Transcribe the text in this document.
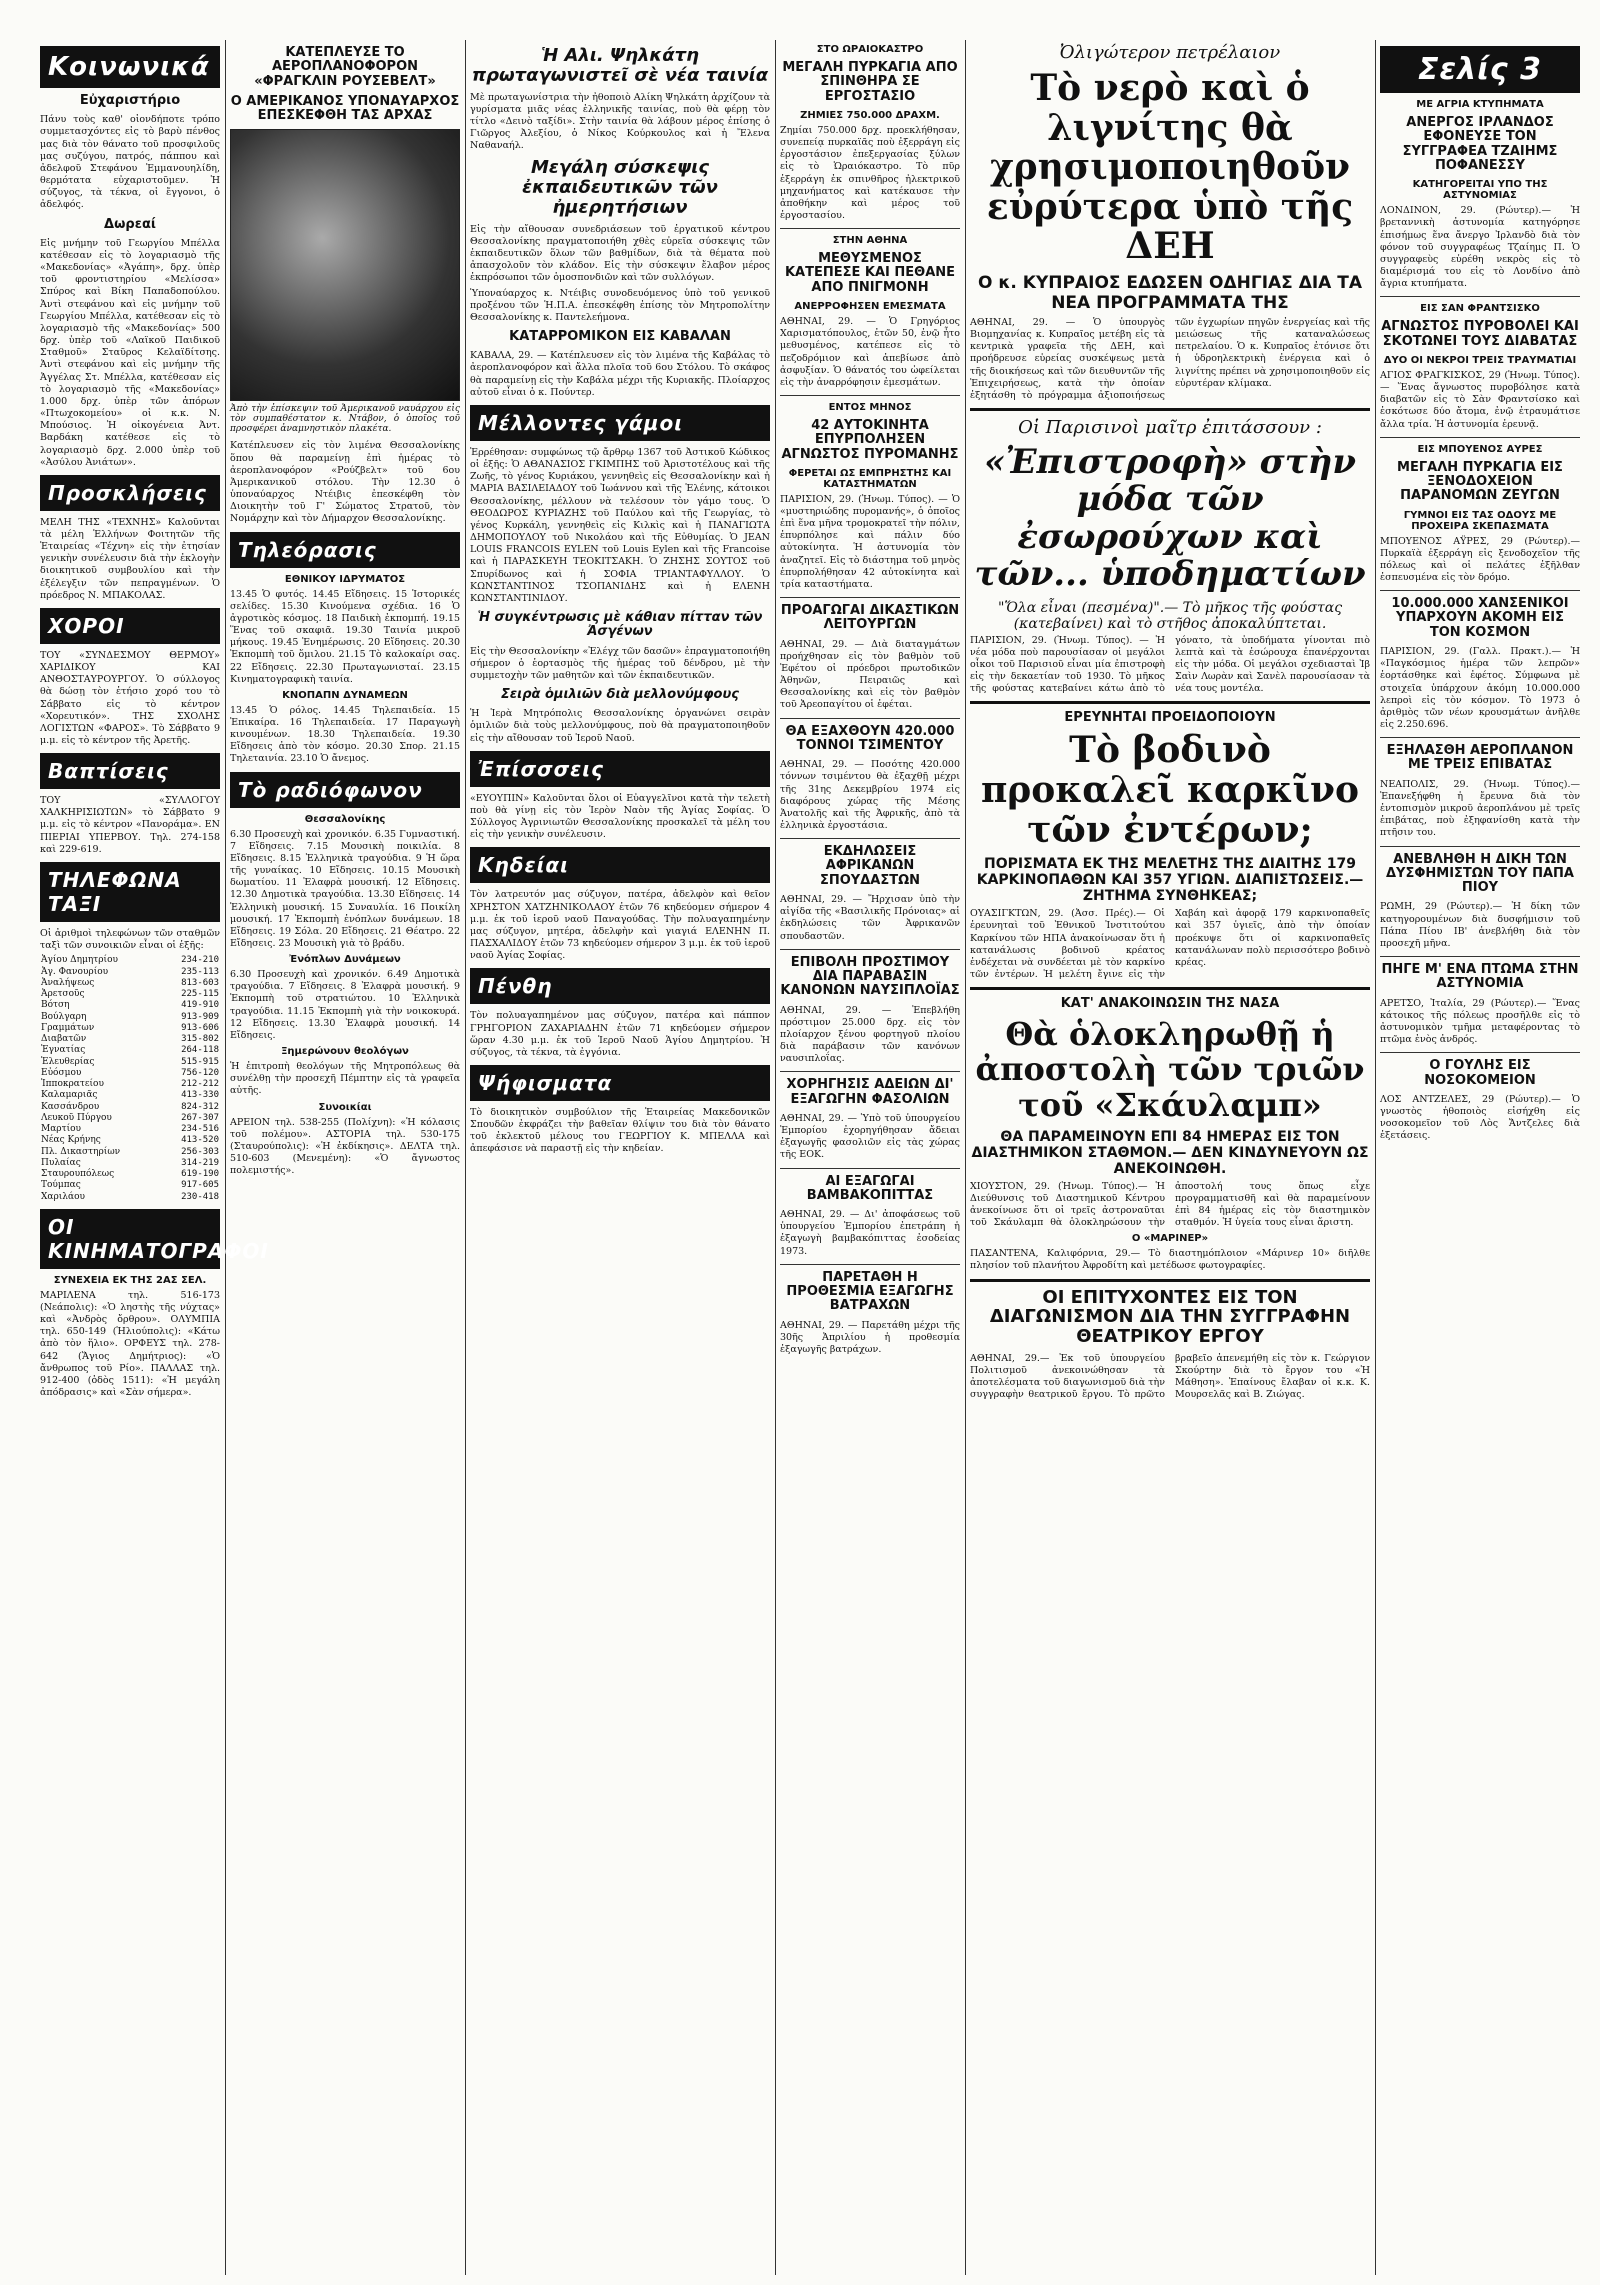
Κοινωνικά
Εὐχαριστήριο
Πάνυ τοὺς καθ' οἱονδήποτε τρόπο συμμετασχόντες εἰς τὸ βαρὺ πένθος μας διὰ τὸν θάνατο τοῦ προσφιλοῦς μας συζύγου, πατρός, πάππου καὶ ἀδελφοῦ Στεφάνου Ἐμμανουηλίδη, θερμότατα εὐχαριστοῦμεν. Ἡ σύζυγος, τὰ τέκνα, οἱ ἔγγονοι, ὁ ἀδελφός.
Δωρεαί
Εἰς μνήμην τοῦ Γεωργίου Μπέλλα κατέθεσαν εἰς τὸ λογαριασμὸ τῆς «Μακεδονίας» «Ἀγάπη», δρχ. ὑπὲρ τοῦ φροντιστηρίου «Μελίσσα» Σπύρος καὶ Βίκη Παπαδοπούλου. Ἀντὶ στεφάνου καὶ εἰς μνήμην τοῦ Γεωργίου Μπέλλα, κατέθεσαν εἰς τὸ λογαριασμὸ τῆς «Μακεδονίας» 500 δρχ. ὑπὲρ τοῦ «Λαϊκοῦ Παιδικοῦ Σταθμοῦ» Σταῦρος Κελαϊδίτσης. Ἀντὶ στεφάνου καὶ εἰς μνήμην τῆς Ἀγγέλας Στ. Μπέλλα, κατέθεσαν εἰς τὸ λογαριασμὸ τῆς «Μακεδονίας» 1.000 δρχ. ὑπὲρ τῶν ἀπόρων «Πτωχοκομείου» οἱ κ.κ. Ν. Μπούσιος. Ἡ οἰκογένεια Ἀντ. Βαρδάκη κατέθεσε εἰς τὸ λογαριασμὸ δρχ. 2.000 ὑπὲρ τοῦ «Ἀσύλου Ἀνιάτων».
Προσκλήσεις
ΜΕΛΗ ΤΗΣ «ΤΕΧΝΗΣ» Καλοῦνται τὰ μέλη Ἑλλήνων Φοιτητῶν τῆς Ἑταιρείας «Τέχνη» εἰς τὴν ἐτησίαν γενικὴν συνέλευσιν διὰ τὴν ἐκλογὴν διοικητικοῦ συμβουλίου καὶ τὴν ἐξέλεγξιν τῶν πεπραγμένων. Ὁ πρόεδρος Ν. ΜΠΑΚΟΛΑΣ.
ΧΟΡΟΙ
ΤΟΥ «ΣΥΝΔΕΣΜΟΥ ΘΕΡΜΟΥ» ΧΑΡΙΔΙΚΟΥ ΚΑΙ ΑΝΘΟΣΤΑΥΡΟΥΡΓΟΥ. Ὁ σύλλογος θὰ δώσῃ τὸν ἐτήσιο χορό του τὸ Σάββατο εἰς τὸ κέντρον «Χορευτικόν». ΤΗΣ ΣΧΟΛΗΣ ΛΟΓΙΣΤΩΝ «ΦΑΡΟΣ». Τὸ Σάββατο 9 μ.μ. εἰς τὸ κέντρον τῆς Ἀρετῆς.
Βαπτίσεις
ΤΟΥ «ΣΥΛΛΟΓΟΥ ΧΑΛΚΗΡΙΣΙΩΤΩΝ» τὸ Σάββατο 9 μ.μ. εἰς τὸ κέντρον «Πανοράμα». ΕΝ ΠΙΕΡΙΑΙ ΥΠΕΡΒΟΥ. Τηλ. 274-158 καὶ 229-619.
ΤΗΛΕΦΩΝΑ ΤΑΞΙ
Οἱ ἀριθμοὶ τηλεφώνων τῶν σταθμῶν ταξὶ τῶν συνοικιῶν εἶναι οἱ ἑξῆς:
Ἁγίου Δημητρίου	234-210
Ἀγ. Φανουρίου	235-113
Ἀναλήψεως	813-603
Ἀρετσοῦς	225-115
Βότση	419-910
Βούλγαρη	913-909
Γραμμάτων	913-606
Διαβατῶν	315-802
Ἐγνατίας	264-118
Ἑλευθερίας	515-915
Εὐόσμου	756-120
Ἱπποκρατείου	212-212
Καλαμαριᾶς	413-330
Κασσάνδρου	824-312
Λευκοῦ Πύργου	267-307
Μαρτίου	234-516
Νέας Κρήνης	413-520
Πλ. Δικαστηρίων	256-303
Πυλαίας	314-219
Σταυρουπόλεως	619-190
Τούμπας	917-605
Χαριλάου	230-418
ΟΙ ΚΙΝΗΜΑΤΟΓΡΑΦΟΙ
ΣΥΝΕΧΕΙΑ ΕΚ ΤΗΣ 2ΑΣ ΣΕΛ.
ΜΑΡΙΛΕΝΑ τηλ. 516-173 (Νεάπολις): «Ὁ ληστὴς τῆς νύχτας» καὶ «Ἀνδρὸς ὄρθρου». ΟΛΥΜΠΙΑ τηλ. 650-149 (Ἡλιούπολις): «Κάτω ἀπὸ τὸν ἥλιο». ΟΡΦΕΥΣ τηλ. 278-642 (Ἅγιος Δημήτριος): «Ὁ ἄνθρωπος τοῦ Ρίο». ΠΑΛΛΑΣ τηλ. 912-400 (ὁδὸς 1511): «Ἡ μεγάλη ἀπόδρασις» καὶ «Σὰν σήμερα».
ΚΑΤΕΠΛΕΥΣΕ ΤΟ ΑΕΡΟΠΛΑΝΟΦΟΡΟΝ «ΦΡΑΓΚΛΙΝ ΡΟΥΣΕΒΕΛΤ»
Ο ΑΜΕΡΙΚΑΝΟΣ ΥΠΟΝΑΥΑΡΧΟΣ ΕΠΕΣΚΕΦΘΗ ΤΑΣ ΑΡΧΑΣ
Ἀπὸ τὴν ἐπίσκεψιν τοῦ Ἀμερικανοῦ ναυάρχου εἰς τὸν συμπαθέστατον κ. Ντάβον, ὁ ὁποῖος τοῦ προσφέρει ἀναμνηστικὸν πλακέτα.
Κατέπλευσεν εἰς τὸν λιμένα Θεσσαλονίκης ὅπου θὰ παραμείνῃ ἐπὶ ἡμέρας τὸ ἀεροπλανοφόρον «Ρούζβελτ» τοῦ 6ου Ἀμερικανικοῦ στόλου. Τὴν 12.30 ὁ ὑποναύαρχος Ντέιβις ἐπεσκέφθη τὸν Διοικητὴν τοῦ Γ' Σώματος Στρατοῦ, τὸν Νομάρχην καὶ τὸν Δήμαρχον Θεσσαλονίκης.
Τηλεόρασις
ΕΘΝΙΚΟΥ ΙΔΡΥΜΑΤΟΣ
13.45 Ὁ φυτός. 14.45 Εἴδησεις. 15 Ἱστορικές σελίδες. 15.30 Κινούμενα σχέδια. 16 Ὁ ἀγροτικὸς κόσμος. 18 Παιδικὴ ἐκπομπή. 19.15 Ἕνας τοῦ σκαφιᾶ. 19.30 Ταινία μικροῦ μήκους. 19.45 Ἐνημέρωσις. 20 Εἴδησεις. 20.30 Ἐκπομπὴ τοῦ ὅμιλου. 21.15 Τὸ καλοκαίρι σας. 22 Εἴδησεις. 22.30 Πρωταγωνισταί. 23.15 Κινηματογραφικὴ ταινία.
ΚΝΟΠΑΠΝ ΔΥΝΑΜΕΩΝ
13.45 Ὁ ρόλος. 14.45 Τηλεπαιδεία. 15 Ἐπικαίρα. 16 Τηλεπαιδεία. 17 Παραγωγὴ κινουμένων. 18.30 Τηλεπαιδεία. 19.30 Εἴδησεις ἀπὸ τὸν κόσμο. 20.30 Σπορ. 21.15 Τηλεταινία. 23.10 Ὁ ἄνεμος.
Τὸ ραδιόφωνον
Θεσσαλονίκης
6.30 Προσευχὴ καὶ χρονικόν. 6.35 Γυμναστική. 7 Εἴδησεις. 7.15 Μουσικὴ ποικιλία. 8 Εἴδησεις. 8.15 Ἑλληνικὰ τραγούδια. 9 Ἡ ὥρα τῆς γυναίκας. 10 Εἴδησεις. 10.15 Μουσικὴ δωματίου. 11 Ἐλαφρὰ μουσική. 12 Εἴδησεις. 12.30 Δημοτικὰ τραγούδια. 13.30 Εἴδησεις. 14 Ἑλληνικὴ μουσική. 15 Συναυλία. 16 Ποικίλη μουσική. 17 Ἐκπομπὴ ἐνόπλων δυνάμεων. 18 Εἴδησεις. 19 Σόλα. 20 Εἴδησεις. 21 Θέατρο. 22 Εἴδησεις. 23 Μουσικὴ γιὰ τὸ βράδυ.
Ἐνόπλων Δυνάμεων
6.30 Προσευχὴ καὶ χρονικόν. 6.49 Δημοτικὰ τραγούδια. 7 Εἴδησεις. 8 Ἐλαφρὰ μουσική. 9 Ἐκπομπὴ τοῦ στρατιώτου. 10 Ἑλληνικὰ τραγούδια. 11.15 Ἐκπομπὴ γιὰ τὴν νοικοκυρά. 12 Εἴδησεις. 13.30 Ἐλαφρὰ μουσική. 14 Εἴδησεις.
Ξημερώνουν θεολόγων
Ἡ ἐπιτροπὴ θεολόγων τῆς Μητροπόλεως θὰ συνέλθῃ τὴν προσεχῆ Πέμπτην εἰς τὰ γραφεῖα αὐτῆς.
Συνοικίαι
ΑΡΕΙΟΝ τηλ. 538-255 (Πολίχνη): «Ἡ κόλασις τοῦ πολέμου». ΑΣΤΟΡΙΑ τηλ. 530-175 (Σταυρούπολις): «Ἡ ἐκδίκησις». ΔΕΛΤΑ τηλ. 510-603 (Μενεμένη): «Ὁ ἄγνωστος πολεμιστής».
Ἡ Αλι. Ψηλκάτη πρωταγωνιστεῖ σὲ νέα ταινία
Μὲ πρωταγωνίστρια τὴν ἠθοποιὸ Αλίκη Ψηλκάτη ἀρχίζουν τὰ γυρίσματα μιᾶς νέας ἑλληνικῆς ταινίας, ποὺ θὰ φέρῃ τὸν τίτλο «Δεινὸ ταξίδι». Στὴν ταινία θὰ λάβουν μέρος ἐπίσης ὁ Γιῶργος Ἀλεξίου, ὁ Νίκος Κούρκουλος καὶ ἡ Ἔλενα Ναθαναήλ.
Μεγάλη σύσκεψις ἐκπαιδευτικῶν τῶν ἠμερητήσιων
Εἰς τὴν αἴθουσαν συνεδριάσεων τοῦ ἐργατικοῦ κέντρου Θεσσαλονίκης πραγματοποιήθη χθὲς εὐρεῖα σύσκεψις τῶν ἐκπαιδευτικῶν ὅλων τῶν βαθμίδων, διὰ τὰ θέματα ποὺ ἀπασχολοῦν τὸν κλάδον. Εἰς τὴν σύσκεψιν ἔλαβον μέρος ἐκπρόσωποι τῶν ὁμοσπονδιῶν καὶ τῶν συλλόγων.
Ὑποναύαρχος κ. Ντέιβις συνοδευόμενος ὑπὸ τοῦ γενικοῦ προξένου τῶν Ἡ.Π.Α. ἐπεσκέφθη ἐπίσης τὸν Μητροπολίτην Θεσσαλονίκης κ. Παντελεήμονα.
ΚΑΤΑΡΡΟΜΙΚΟΝ ΕΙΣ ΚΑΒΑΛΑΝ
ΚΑΒΑΛΑ, 29. — Κατέπλευσεν εἰς τὸν λιμένα τῆς Καβάλας τὸ ἀεροπλανοφόρον καὶ ἄλλα πλοῖα τοῦ 6ου Στόλου. Τὸ σκάφος θὰ παραμείνῃ εἰς τὴν Καβάλα μέχρι τῆς Κυριακῆς. Πλοίαρχος αὐτοῦ εἶναι ὁ κ. Πούντερ.
Μέλλοντες γάμοι
Ἐρρέθησαν: συμφώνως τῷ ἄρθρῳ 1367 τοῦ Ἀστικοῦ Κώδικος οἱ ἐξῆς: Ὁ ΑΘΑΝΑΣΙΟΣ ΓΚΙΜΠΗΣ τοῦ Ἀριστοτέλους καὶ τῆς Ζωῆς, τὸ γένος Κυριάκου, γεννηθεὶς εἰς Θεσσαλονίκην καὶ ἡ ΜΑΡΙΑ ΒΑΣΙΛΕΙΑΔΟΥ τοῦ Ἰωάννου καὶ τῆς Ἑλένης, κάτοικοι Θεσσαλονίκης, μέλλουν νὰ τελέσουν τὸν γάμο τους. Ὁ ΘΕΟΔΩΡΟΣ ΚΥΡΙΑΖΗΣ τοῦ Παύλου καὶ τῆς Γεωργίας, τὸ γένος Κυρκάλη, γεννηθεὶς εἰς Κιλκὶς καὶ ἡ ΠΑΝΑΓΙΩΤΑ ΔΗΜΟΠΟΥΛΟΥ τοῦ Νικολάου καὶ τῆς Εὐθυμίας. Ὁ JEAN LOUIS FRANCOIS EYLEN τοῦ Louis Eylen καὶ τῆς Francoise καὶ ἡ ΠΑΡΑΣΚΕΥΗ ΤΕΟΚΙΤΣΑΚΗ. Ὁ ΖΗΣΗΣ ΣΟΥΤΟΣ τοῦ Σπυρίδωνος καὶ ἡ ΣΟΦΙΑ ΤΡΙΑΝΤΑΦΥΛΛΟΥ. Ὁ ΚΩΝΣΤΑΝΤΙΝΟΣ ΤΣΟΠΑΝΙΔΗΣ καὶ ἡ ΕΛΕΝΗ ΚΩΝΣΤΑΝΤΙΝΙΔΟΥ.
Ἡ συγκέντρωσις μὲ κάθιαν πίτταν τῶν Ἀσγένων
Εἰς τὴν Θεσσαλονίκην «Ἐλέγχ τῶν δασῶν» ἐπραγματοποιήθη σήμερον ὁ ἑορτασμὸς τῆς ἡμέρας τοῦ δένδρου, μὲ τὴν συμμετοχὴν τῶν μαθητῶν καὶ τῶν ἐκπαιδευτικῶν.
Σειρὰ ὁμιλιῶν διὰ μελλονύμφους
Ἡ Ἱερὰ Μητρόπολις Θεσσαλονίκης ὀργανώνει σειρὰν ὁμιλιῶν διὰ τοὺς μελλονύμφους, ποὺ θὰ πραγματοποιηθοῦν εἰς τὴν αἴθουσαν τοῦ Ἱεροῦ Ναοῦ.
Ἐπίσσσεις
«ΕΥΟΥΠΙΝ» Καλοῦνται ὅλοι οἱ Εὐαγγελῖνοι κατὰ τὴν τελετὴ ποὺ θὰ γίνῃ εἰς τὸν Ἱερὸν Ναὸν τῆς Ἁγίας Σοφίας. Ὁ Σύλλογος Ἀγρινιωτῶν Θεσσαλονίκης προσκαλεῖ τὰ μέλη του εἰς τὴν γενικὴν συνέλευσιν.
Κηδείαι
Τὸν λατρευτόν μας σύζυγον, πατέρα, ἀδελφὸν καὶ θεῖον ΧΡΗΣΤΟΝ ΧΑΤΖΗΝΙΚΟΛΑΟΥ ἐτῶν 76 κηδεύομεν σήμερον 4 μ.μ. ἐκ τοῦ ἱεροῦ ναοῦ Παναγούδας. Τὴν πολυαγαπημένην μας σύζυγον, μητέρα, ἀδελφὴν καὶ γιαγιά ΕΛΕΝΗΝ Π. ΠΑΣΧΑΛΙΔΟΥ ἐτῶν 73 κηδεύομεν σήμερον 3 μ.μ. ἐκ τοῦ ἱεροῦ ναοῦ Ἁγίας Σοφίας.
Πένθη
Τὸν πολυαγαπημένον μας σύζυγον, πατέρα καὶ πάππον ΓΡΗΓΟΡΙΟΝ ΖΑΧΑΡΙΑΔΗΝ ἐτῶν 71 κηδεύομεν σήμερον ὥραν 4.30 μ.μ. ἐκ τοῦ Ἱεροῦ Ναοῦ Ἁγίου Δημητρίου. Ἡ σύζυγος, τὰ τέκνα, τὰ ἐγγόνια.
Ψήφισματα
Τὸ διοικητικὸν συμβούλιον τῆς Ἑταιρείας Μακεδονικῶν Σπουδῶν ἐκφράζει τὴν βαθεῖαν θλίψιν του διὰ τὸν θάνατο τοῦ ἐκλεκτοῦ μέλους του ΓΕΩΡΓΙΟΥ Κ. ΜΠΕΛΛΑ καὶ ἀπεφάσισε νὰ παραστῇ εἰς τὴν κηδείαν.
ΣΤΟ ΩΡΑΙΟΚΑΣΤΡΟ
ΜΕΓΑΛΗ ΠΥΡΚΑΓΙΑ ΑΠΟ ΣΠΙΝΘΗΡΑ ΣΕ ΕΡΓΟΣΤΑΣΙΟ
ΖΗΜΙΕΣ 750.000 ΔΡΑΧΜ.
Ζημίαι 750.000 δρχ. προεκλήθησαν, συνεπείᾳ πυρκαϊᾶς ποὺ ἐξερράγη εἰς ἐργοστάσιον ἐπεξεργασίας ξύλων εἰς τὸ Ὡραιόκαστρο. Τὸ πῦρ ἐξερράγη ἐκ σπινθῆρος ἠλεκτρικοῦ μηχανήματος καὶ κατέκαυσε τὴν ἀποθήκην καὶ μέρος τοῦ ἐργοστασίου.
ΣΤΗΝ ΑΘΗΝΑ
ΜΕΘΥΣΜΕΝΟΣ ΚΑΤΕΠΕΣΕ ΚΑΙ ΠΕΘΑΝΕ ΑΠΟ ΠΝΙΓΜΟΝΗ
ΑΝΕΡΡΟΦΗΣΕΝ ΕΜΕΣΜΑΤΑ
ΑΘΗΝΑΙ, 29. — Ὁ Γρηγόριος Χαρισματόπουλος, ἐτῶν 50, ἐνῷ ἦτο μεθυσμένος, κατέπεσε εἰς τὸ πεζοδρόμιον καὶ ἀπεβίωσε ἀπὸ ἀσφυξίαν. Ὁ θάνατός του ὠφείλεται εἰς τὴν ἀναρρόφησιν ἐμεσμάτων.
ΕΝΤΟΣ ΜΗΝΟΣ
42 ΑΥΤΟΚΙΝΗΤΑ ΕΠΥΡΠΟΛΗΣΕΝ ΑΓΝΩΣΤΟΣ ΠΥΡΟΜΑΝΗΣ
ΦΕΡΕΤΑΙ ΩΣ ΕΜΠΡΗΣΤΗΣ ΚΑΙ ΚΑΤΑΣΤΗΜΑΤΩΝ
ΠΑΡΙΣΙΟΝ, 29. (Ἡνωμ. Τύπος). — Ὁ «μυστηριώδης πυρομανής», ὁ ὁποῖος ἐπὶ ἕνα μῆνα τρομοκρατεῖ τὴν πόλιν, ἐπυρπόλησε καὶ πάλιν δύο αὐτοκίνητα. Ἡ ἀστυνομία τὸν ἀναζητεῖ. Εἰς τὸ διάστημα τοῦ μηνὸς ἐπυρπολήθησαν 42 αὐτοκίνητα καὶ τρία καταστήματα.
ΠΡΟΑΓΩΓΑΙ ΔΙΚΑΣΤΙΚΩΝ ΛΕΙΤΟΥΡΓΩΝ
ΑΘΗΝΑΙ, 29. — Διὰ διαταγμάτων προήχθησαν εἰς τὸν βαθμὸν τοῦ Ἐφέτου οἱ πρόεδροι πρωτοδικῶν Ἀθηνῶν, Πειραιῶς καὶ Θεσσαλονίκης καὶ εἰς τὸν βαθμὸν τοῦ Ἀρεοπαγίτου οἱ ἐφέται.
ΘΑ ΕΞΑΧΘΟΥΝ 420.000 ΤΟΝΝΟΙ ΤΣΙΜΕΝΤΟΥ
ΑΘΗΝΑΙ, 29. — Ποσότης 420.000 τόννων τσιμέντου θὰ ἐξαχθῇ μέχρι τῆς 31ης Δεκεμβρίου 1974 εἰς διαφόρους χώρας τῆς Μέσης Ἀνατολῆς καὶ τῆς Ἀφρικῆς, ἀπὸ τὰ ἑλληνικὰ ἐργοστάσια.
ΕΚΔΗΛΩΣΕΙΣ ΑΦΡΙΚΑΝΩΝ ΣΠΟΥΔΑΣΤΩΝ
ΑΘΗΝΑΙ, 29. — Ἤρχισαν ὑπὸ τὴν αἰγίδα τῆς «Βασιλικῆς Πρόνοιας» αἱ ἐκδηλώσεις τῶν Ἀφρικανῶν σπουδαστῶν.
ΕΠΙΒΟΛΗ ΠΡΟΣΤΙΜΟΥ ΔΙΑ ΠΑΡΑΒΑΣΙΝ ΚΑΝΟΝΩΝ ΝΑΥΣΙΠΛΟΪΑΣ
ΑΘΗΝΑΙ, 29. — Ἐπεβλήθη πρόστιμον 25.000 δρχ. εἰς τὸν πλοίαρχον ξένου φορτηγοῦ πλοίου διὰ παράβασιν τῶν κανόνων ναυσιπλοΐας.
ΧΟΡΗΓΗΣΙΣ ΑΔΕΙΩΝ ΔΙ' ΕΞΑΓΩΓΗΝ ΦΑΣΟΛΙΩΝ
ΑΘΗΝΑΙ, 29. — Ὑπὸ τοῦ ὑπουργείου Ἐμπορίου ἐχορηγήθησαν ἄδειαι ἐξαγωγῆς φασολιῶν εἰς τὰς χώρας τῆς ΕΟΚ.
ΑΙ ΕΞΑΓΩΓΑΙ ΒΑΜΒΑΚΟΠΙΤΤΑΣ
ΑΘΗΝΑΙ, 29. — Δι' ἀποφάσεως τοῦ ὑπουργείου Ἐμπορίου ἐπετράπη ἡ ἐξαγωγὴ βαμβακόπιττας ἐσοδείας 1973.
ΠΑΡΕΤΑΘΗ Η ΠΡΟΘΕΣΜΙΑ ΕΞΑΓΩΓΗΣ ΒΑΤΡΑΧΩΝ
ΑΘΗΝΑΙ, 29. — Παρετάθη μέχρι τῆς 30ῆς Ἀπριλίου ἡ προθεσμία ἐξαγωγῆς βατράχων.
Ὀλιγώτερον πετρέλαιον
Τὸ νερὸ καὶ ὁ λιγνίτης θὰ χρησιμοποιηθοῦν εὐρύτερα ὑπὸ τῆς ΔΕΗ
Ο κ. ΚΥΠΡΑΙΟΣ ΕΔΩΣΕΝ ΟΔΗΓΙΑΣ ΔΙΑ ΤΑ ΝΕΑ ΠΡΟΓΡΑΜΜΑΤΑ ΤΗΣ
ΑΘΗΝΑΙ, 29. — Ὁ ὑπουργὸς Βιομηχανίας κ. Κυπραῖος μετέβη εἰς τὰ κεντρικὰ γραφεῖα τῆς ΔΕΗ, καὶ προήδρευσε εὑρείας συσκέψεως μετὰ τῆς διοικήσεως καὶ τῶν διευθυντῶν τῆς Ἐπιχειρήσεως, κατὰ τὴν ὁποίαν ἐξητάσθη τὸ πρόγραμμα ἀξιοποιήσεως τῶν ἐγχωρίων πηγῶν ἐνεργείας καὶ τῆς μειώσεως τῆς καταναλώσεως πετρελαίου. Ὁ κ. Κυπραῖος ἐτόνισε ὅτι ἡ ὑδροηλεκτρικὴ ἐνέργεια καὶ ὁ λιγνίτης πρέπει νὰ χρησιμοποιηθοῦν εἰς εὐρυτέραν κλίμακα.
Οἱ Παρισινοὶ μαῖτρ ἐπιτάσσουν :
«Ἐπιστροφὴ» στὴν μόδα τῶν ἐσωρούχων καὶ τῶν... ὑποδηματίων
"Ὅλα εἶναι (πεσμένα)".— Τὸ μῆκος τῆς φούστας (κατεβαίνει) καὶ τὸ στῆθος ἀποκαλύπτεται.
ΠΑΡΙΣΙΟΝ, 29. (Ἡνωμ. Τύπος). — Ἡ νέα μόδα ποὺ παρουσίασαν οἱ μεγάλοι οἶκοι τοῦ Παρισιοῦ εἶναι μία ἐπιστροφὴ εἰς τὴν δεκαετίαν τοῦ 1930. Τὸ μῆκος τῆς φούστας κατεβαίνει κάτω ἀπὸ τὸ γόνατο, τὰ ὑποδήματα γίνονται πιὸ λεπτὰ καὶ τὰ ἐσώρουχα ἐπανέρχονται εἰς τὴν μόδα. Οἱ μεγάλοι σχεδιασταὶ Ἰβ Σαὶν Λωρὰν καὶ Σανὲλ παρουσίασαν τὰ νέα τους μοντέλα.
ΕΡΕΥΝΗΤΑΙ ΠΡΟΕΙΔΟΠΟΙΟΥΝ
Τὸ βοδινὸ προκαλεῖ καρκῖνο τῶν ἐντέρων;
ΠΟΡΙΣΜΑΤΑ ΕΚ ΤΗΣ ΜΕΛΕΤΗΣ ΤΗΣ ΔΙΑΙΤΗΣ 179 ΚΑΡΚΙΝΟΠΑΘΩΝ ΚΑΙ 357 ΥΓΙΩΝ. ΔΙΑΠΙΣΤΩΣΕΙΣ.— ΖΗΤΗΜΑ ΣΥΝΘΗΚΕΑΣ;
ΟΥΑΣΙΓΚΤΩΝ, 29. (Ἀσσ. Πρές).— Οἱ ἐρευνηταὶ τοῦ Ἐθνικοῦ Ἰνστιτούτου Καρκίνου τῶν ΗΠΑ ἀνακοίνωσαν ὅτι ἡ κατανάλωσις βοδινοῦ κρέατος ἐνδέχεται νὰ συνδέεται μὲ τὸν καρκίνο τῶν ἐντέρων. Ἡ μελέτη ἔγινε εἰς τὴν Χαβάη καὶ ἀφορᾷ 179 καρκινοπαθεῖς καὶ 357 ὑγιεῖς, ἀπὸ τὴν ὁποίαν προέκυψε ὅτι οἱ καρκινοπαθεῖς κατανάλωναν πολὺ περισσότερο βοδινὸ κρέας.
ΚΑΤ' ΑΝΑΚΟΙΝΩΣΙΝ ΤΗΣ ΝΑΣΑ
Θὰ ὁλοκληρωθῇ ἡ ἀποστολὴ τῶν τριῶν τοῦ «Σκάυλαμπ»
ΘΑ ΠΑΡΑΜΕΙΝΟΥΝ ΕΠΙ 84 ΗΜΕΡΑΣ ΕΙΣ ΤΟΝ ΔΙΑΣΤΗΜΙΚΟΝ ΣΤΑΘΜΟΝ.— ΔΕΝ ΚΙΝΔΥΝΕΥΟΥΝ ΩΣ ΑΝΕΚΟΙΝΩΘΗ.
ΧΙΟΥΣΤΟΝ, 29. (Ἡνωμ. Τύπος).— Ἡ Διεύθυνσις τοῦ Διαστημικοῦ Κέντρου ἀνεκοίνωσε ὅτι οἱ τρεῖς ἀστροναῦται τοῦ Σκάυλαμπ θὰ ὁλοκληρώσουν τὴν ἀποστολή τους ὅπως εἶχε προγραμματισθῆ καὶ θὰ παραμείνουν ἐπὶ 84 ἡμέρας εἰς τὸν διαστημικὸν σταθμόν. Ἡ ὑγεία τους εἶναι ἄριστη.
Ο «ΜΑΡΙΝΕΡ»
ΠΑΣΑΝΤΕΝΑ, Καλιφόρνια, 29.— Τὸ διαστημόπλοιον «Μάρινερ 10» διῆλθε πλησίον τοῦ πλανήτου Ἀφροδίτη καὶ μετέδωσε φωτογραφίες.
ΟΙ ΕΠΙΤΥΧΟΝΤΕΣ ΕΙΣ ΤΟΝ ΔΙΑΓΩΝΙΣΜΟΝ ΔΙΑ ΤΗΝ ΣΥΓΓΡΑΦΗΝ ΘΕΑΤΡΙΚΟΥ ΕΡΓΟΥ
ΑΘΗΝΑΙ, 29.— Ἐκ τοῦ ὑπουργείου Πολιτισμοῦ ἀνεκοινώθησαν τὰ ἀποτελέσματα τοῦ διαγωνισμοῦ διὰ τὴν συγγραφὴν θεατρικοῦ ἔργου. Τὸ πρῶτο βραβεῖο ἀπενεμήθη εἰς τὸν κ. Γεώργιον Σκούρτην διὰ τὸ ἔργον του «Ἡ Μάθηση». Ἐπαίνους ἔλαβαν οἱ κ.κ. Κ. Μουρσελᾶς καὶ Β. Ζιώγας.
Σελίς 3
ΜΕ ΑΓΡΙΑ ΚΤΥΠΗΜΑΤΑ
ΑΝΕΡΓΟΣ ΙΡΛΑΝΔΟΣ ΕΦΟΝΕΥΣΕ ΤΟΝ ΣΥΓΓΡΑΦΕΑ ΤΖΑΙΗΜΣ ΠΟΦΑΝΕΣΣΥ
ΚΑΤΗΓΟΡΕΙΤΑΙ ΥΠΟ ΤΗΣ ΑΣΤΥΝΟΜΙΑΣ
ΛΟΝΔΙΝΟΝ, 29. (Ρώυτερ).— Ἡ βρεταννικὴ ἀστυνομία κατηγόρησε ἐπισήμως ἕνα ἄνεργο Ἰρλανδὸ διὰ τὸν φόνον τοῦ συγγραφέως Τζαίημς Π. Ὁ συγγραφεὺς εὑρέθη νεκρὸς εἰς τὸ διαμέρισμά του εἰς τὸ Λονδίνο ἀπὸ ἄγρια κτυπήματα.
ΕΙΣ ΣΑΝ ΦΡΑΝΤΣΙΣΚΟ
ΑΓΝΩΣΤΟΣ ΠΥΡΟΒΟΛΕΙ ΚΑΙ ΣΚΟΤΩΝΕΙ ΤΟΥΣ ΔΙΑΒΑΤΑΣ
ΔΥΟ ΟΙ ΝΕΚΡΟΙ ΤΡΕΙΣ ΤΡΑΥΜΑΤΙΑΙ
ΑΓΙΟΣ ΦΡΑΓΚΙΣΚΟΣ, 29 (Ἡνωμ. Τύπος).— Ἕνας ἄγνωστος πυροβόλησε κατὰ διαβατῶν εἰς τὸ Σὰν Φραντσίσκο καὶ ἐσκότωσε δύο ἄτομα, ἐνῷ ἐτραυμάτισε ἄλλα τρία. Ἡ ἀστυνομία ἐρευνᾷ.
ΕΙΣ ΜΠΟΥΕΝΟΣ ΑΥΡΕΣ
ΜΕΓΑΛΗ ΠΥΡΚΑΓΙΑ ΕΙΣ ΞΕΝΟΔΟΧΕΙΟΝ ΠΑΡΑΝΟΜΩΝ ΖΕΥΓΩΝ
ΓΥΜΝΟΙ ΕΙΣ ΤΑΣ ΟΔΟΥΣ ΜΕ ΠΡΟΧΕΙΡΑ ΣΚΕΠΑΣΜΑΤΑ
ΜΠΟΥΕΝΟΣ ΑΫΡΕΣ, 29 (Ρώυτερ).— Πυρκαϊὰ ἐξερράγη εἰς ξενοδοχεῖον τῆς πόλεως καὶ οἱ πελάτες ἐξῆλθαν ἐσπευσμένα εἰς τὸν δρόμο.
10.000.000 ΧΑΝΣΕΝΙΚΟΙ ΥΠΑΡΧΟΥΝ ΑΚΟΜΗ ΕΙΣ ΤΟΝ ΚΟΣΜΟΝ
ΠΑΡΙΣΙΟΝ, 29. (Γαλλ. Πρακτ.).— Ἡ «Παγκόσμιος ἡμέρα τῶν λεπρῶν» ἑορτάσθηκε καὶ ἐφέτος. Σύμφωνα μὲ στοιχεῖα ὑπάρχουν ἀκόμη 10.000.000 λεπροὶ εἰς τὸν κόσμον. Τὸ 1973 ὁ ἀριθμὸς τῶν νέων κρουσμάτων ἀνῆλθε εἰς 2.250.696.
ΕΞΗΛΑΣΘΗ ΑΕΡΟΠΛΑΝΟΝ ΜΕ ΤΡΕΙΣ ΕΠΙΒΑΤΑΣ
ΝΕΑΠΟΛΙΣ, 29. (Ἡνωμ. Τύπος).— Ἐπανεξήφθη ἡ ἔρευνα διὰ τὸν ἐντοπισμὸν μικροῦ ἀεροπλάνου μὲ τρεῖς ἐπιβάτας, ποὺ ἐξηφανίσθη κατὰ τὴν πτῆσιν του.
ΑΝΕΒΛΗΘΗ Η ΔΙΚΗ ΤΩΝ ΔΥΣΦΗΜΙΣΤΩΝ ΤΟΥ ΠΑΠΑ ΠΙΟΥ
ΡΩΜΗ, 29 (Ρώυτερ).— Ἡ δίκη τῶν κατηγορουμένων διὰ δυσφήμισιν τοῦ Πάπα Πίου ΙΒ' ἀνεβλήθη διὰ τὸν προσεχῆ μῆνα.
ΠΗΓΕ Μ' ΕΝΑ ΠΤΩΜΑ ΣΤΗΝ ΑΣΤΥΝΟΜΙΑ
ΑΡΕΤΣΟ, Ἰταλία, 29 (Ρώυτερ).— Ἕνας κάτοικος τῆς πόλεως προσῆλθε εἰς τὸ ἀστυνομικὸν τμῆμα μεταφέροντας τὸ πτῶμα ἑνὸς ἀνδρός.
Ο ΓΟΥΛΗΣ ΕΙΣ ΝΟΣΟΚΟΜΕΙΟΝ
ΛΟΣ ΑΝΤΖΕΛΕΣ, 29 (Ρώυτερ).— Ὁ γνωστὸς ἠθοποιὸς εἰσήχθη εἰς νοσοκομεῖον τοῦ Λὸς Ἄντζελες διὰ ἐξετάσεις.
